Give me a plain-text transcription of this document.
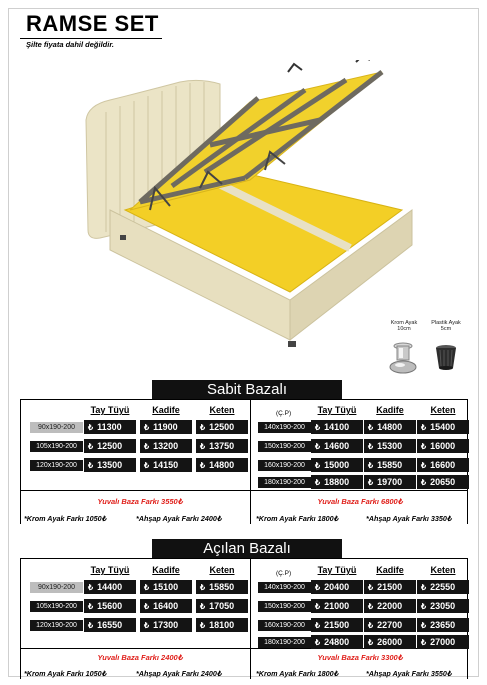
RAMSE SET
Şilte fiyata dahil değildir.
Krom Ayak
10cm
Plastik Ayak
5cm
Sabit Bazalı
Tay Tüyü	Kadife	Keten
90x190-200	₺ 11300	₺ 11900	₺ 12500
105x190-200	₺ 12500	₺ 13200	₺ 13750
120x190-200	₺ 13500	₺ 14150	₺ 14800
(Ç.P)	Tay Tüyü	Kadife	Keten
140x190-200	₺ 14100	₺ 14800	₺ 15400
150x190-200	₺ 14600	₺ 15300	₺ 16000
160x190-200	₺ 15000	₺ 15850	₺ 16600
180x190-200	₺ 18800	₺ 19700	₺ 20650
Yuvalı Baza Farkı 3550₺	Yuvalı Baza Farkı 6800₺
*Krom Ayak Farkı 1050₺	*Ahşap Ayak Farkı 2400₺	*Krom Ayak Farkı 1800₺	*Ahşap Ayak Farkı 3350₺
Açılan Bazalı
Tay Tüyü	Kadife	Keten
90x190-200	₺ 14400	₺ 15100	₺ 15850
105x190-200	₺ 15600	₺ 16400	₺ 17050
120x190-200	₺ 16550	₺ 17300	₺ 18100
(Ç.P)	Tay Tüyü	Kadife	Keten
140x190-200	₺ 20400	₺ 21500	₺ 22550
150x190-200	₺ 21000	₺ 22000	₺ 23050
160x190-200	₺ 21500	₺ 22700	₺ 23650
180x190-200	₺ 24800	₺ 26000	₺ 27000
Yuvalı Baza Farkı 2400₺	Yuvalı Baza Farkı 3300₺
*Krom Ayak Farkı 1050₺	*Ahşap Ayak Farkı 2400₺	*Krom Ayak Farkı 1800₺	*Ahşap Ayak Farkı 3550₺
